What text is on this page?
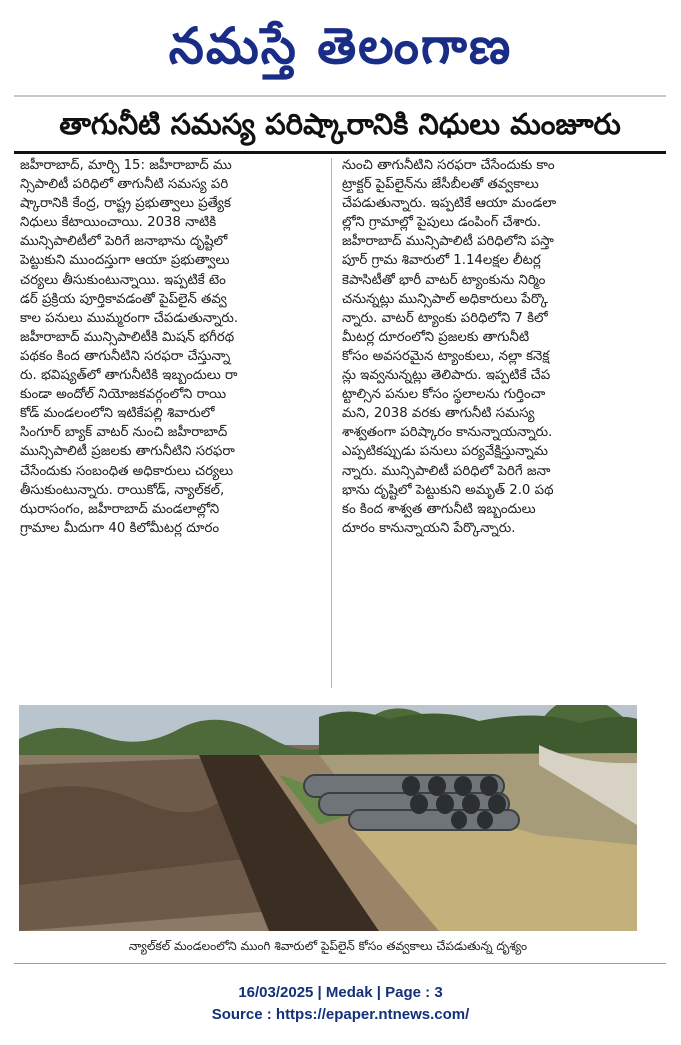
నమస్తే తెలంగాణ
తాగునీటి సమస్య పరిష్కారానికి నిధులు మంజూరు
జహీరాబాద్, మార్చి 15: జహీరాబాద్ ము
న్సిపాలిటీ పరిధిలో తాగునీటి సమస్య పరి
ష్కారానికి కేంద్ర, రాష్ట్ర ప్రభుత్వాలు ప్రత్యేక
నిధులు కేటాయించాయి. 2038 నాటికి
మున్సిపాలిటీలో పెరిగే జనాభాను దృష్టిలో
పెట్టుకుని ముందస్తుగా ఆయా ప్రభుత్వాలు
చర్యలు తీసుకుంటున్నాయి. ఇప్పటికే టెం
డర్ ప్రక్రియ పూర్తికావడంతో పైప్‌లైన్ తవ్వ
కాల పనులు ముమ్మరంగా చేపడుతున్నారు.
జహీరాబాద్ మున్సిపాలిటీకి మిషన్ భగీరథ
పథకం కింద తాగునీటిని సరఫరా చేస్తున్నా
రు. భవిష్యత్‌లో తాగునీటికి ఇబ్బందులు రా
కుండా అందోల్ నియోజకవర్గంలోని రాయి
కోడ్ మండలంలోని ఇటికేపల్లి శివారులో
సింగూర్ బ్యాక్ వాటర్ నుంచి జహీరాబాద్
మున్సిపాలిటీ ప్రజలకు తాగునీటిని సరఫరా
చేసేందుకు సంబంధిత అధికారులు చర్యలు
తీసుకుంటున్నారు. రాయికోడ్, న్యాల్‌కల్,
ఝరాసంగం, జహీరాబాద్ మండలాల్లోని
గ్రామాల మీదుగా 40 కిలోమీటర్ల దూరం
నుంచి తాగునీటిని సరఫరా చేసేందుకు కాం
ట్రాక్టర్ పైప్‌లైన్‌ను జేసీబీలతో తవ్వకాలు
చేపడుతున్నారు. ఇప్పటికే ఆయా మండలా
ల్లోని గ్రామాల్లో పైపులు డంపింగ్ చేశారు.
జహీరాబాద్ మున్సిపాలిటీ పరిధిలోని పస్తా
పూర్ గ్రామ శివారులో 1.14లక్షల లీటర్ల
కెపాసిటీతో భారీ వాటర్ ట్యాంకును నిర్మిం
చనున్నట్లు మున్సిపాల్ అధికారులు పేర్కొ
న్నారు. వాటర్ ట్యాంకు పరిధిలోని 7 కిలో
మీటర్ల దూరంలోని ప్రజలకు తాగునీటి
కోసం అవసరమైన ట్యాంకులు, నల్లా కనెక్ష
న్లు ఇవ్వనున్నట్లు తెలిపారు. ఇప్పటికే చేప
ట్టాల్సిన పనుల కోసం స్థలాలను గుర్తించా
మని, 2038 వరకు తాగునీటి సమస్య
శాశ్వతంగా పరిష్కారం కానున్నాయన్నారు.
ఎప్పటికప్పుడు పనులు పర్యవేక్షిస్తున్నామ
న్నారు. మున్సిపాలిటీ పరిధిలో పెరిగే జనా
భాను దృష్టిలో పెట్టుకుని అమృత్ 2.0 పథ
కం కింద శాశ్వత తాగునీటి ఇబ్బందులు
దూరం కానున్నాయని పేర్కొన్నారు.
న్యాల్‌కల్ మండలంలోని ముంగి శివారులో పైప్‌లైన్ కోసం తవ్వకాలు చేపడుతున్న దృశ్యం
16/03/2025 | Medak | Page : 3
Source : https://epaper.ntnews.com/
